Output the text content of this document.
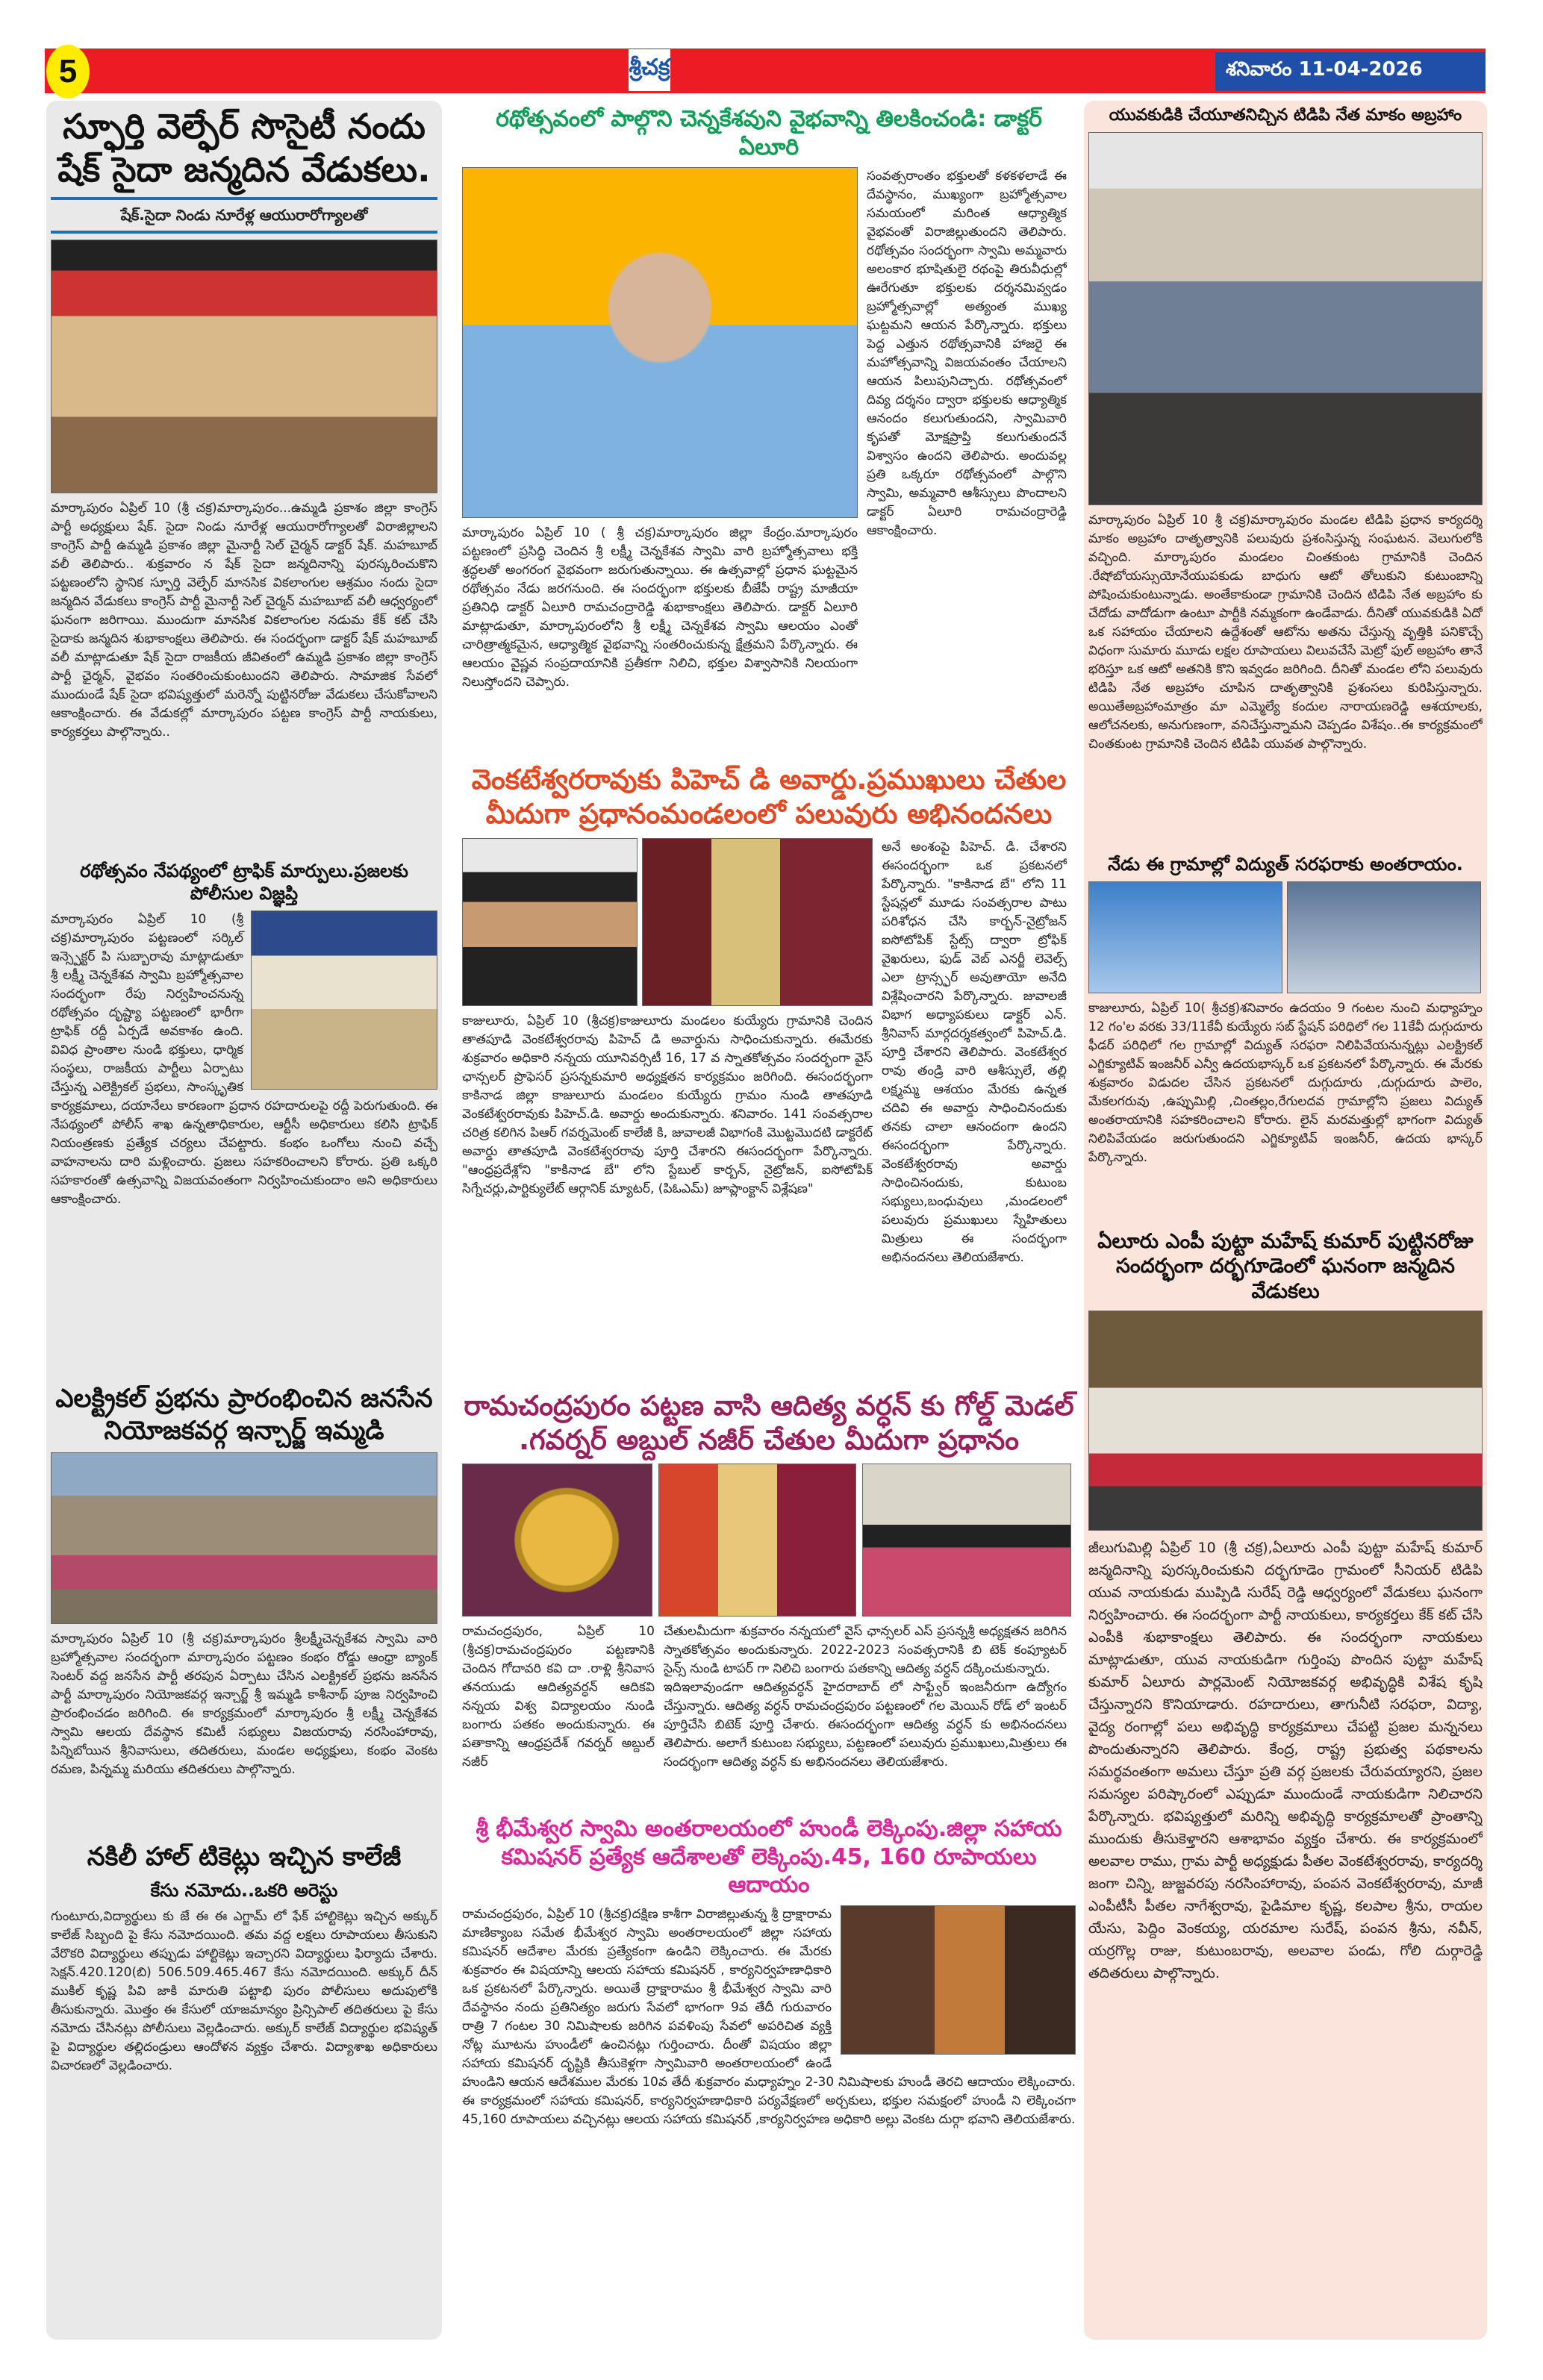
5	శ్రీచక్ర	శనివారం 11-04-2026
స్ఫూర్తి వెల్ఫేర్ సొసైటీ నందు షేక్ సైదా జన్మదిన వేడుకలు.
షేక్.సైదా నిండు నూరేళ్ల ఆయురారోగ్యాలతో
మార్కాపురం ఏప్రిల్ 10 (శ్రీ చక్ర)మార్కాపురం...ఉమ్మడి ప్రకాశం జిల్లా కాంగ్రెస్ పార్టీ అధ్యక్షులు షేక్. సైదా నిండు నూరేళ్ల ఆయురారోగ్యాలతో విరాజిల్లాలని కాంగ్రెస్ పార్టీ ఉమ్మడి ప్రకాశం జిల్లా మైనార్టీ సెల్ చైర్మన్ డాక్టర్ షేక్. మహబూబ్ వలీ తెలిపారు.. శుక్రవారం న షేక్ సైదా జన్మదినాన్ని పురస్కరించుకొని పట్టణంలోని స్థానిక స్ఫూర్తి వెల్ఫేర్ మానసిక వికలాంగుల ఆశ్రమం నందు సైదా జన్మదిన వేడుకలు కాంగ్రెస్ పార్టీ మైనార్టీ సెల్ చైర్మన్ మహబూబ్ వలీ ఆధ్వర్యంలో ఘనంగా జరిగాయి. ముందుగా మానసిక వికలాంగుల నడుమ కేక్ కట్ చేసి సైదాకు జన్మదిన శుభాకాంక్షలు తెలిపారు. ఈ సందర్భంగా డాక్టర్ షేక్ మహబూబ్ వలీ మాట్లాడుతూ షేక్ సైదా రాజకీయ జీవితంలో ఉమ్మడి ప్రకాశం జిల్లా కాంగ్రెస్ పార్టీ ఛైర్మన్, వైభవం సంతరించుకుంటుందని తెలిపారు. సామాజిక సేవలో ముందుండే షేక్ సైదా భవిష్యత్తులో మరెన్నో పుట్టినరోజు వేడుకలు చేసుకోవాలని ఆకాంక్షించారు. ఈ వేడుకల్లో మార్కాపురం పట్టణ కాంగ్రెస్ పార్టీ నాయకులు, కార్యకర్తలు పాల్గొన్నారు..
రథోత్సవం నేపథ్యంలో ట్రాఫిక్ మార్పులు.ప్రజలకు పోలీసుల విజ్ఞప్తి
మార్కాపురం ఏప్రిల్ 10 (శ్రీ చక్ర)మార్కాపురం పట్టణంలో సర్కిల్ ఇన్స్పెక్టర్ పి సుబ్బారావు మాట్లాడుతూ శ్రీ లక్ష్మీ చెన్నకేశవ స్వామి బ్రహ్మోత్సవాల సందర్భంగా రేపు నిర్వహించనున్న రథోత్సవం దృష్ట్యా పట్టణంలో భారీగా ట్రాఫిక్ రద్దీ ఏర్పడే అవకాశం ఉంది. వివిధ ప్రాంతాల నుండి భక్తులు, ధార్మిక సంస్థలు, రాజకీయ పార్టీలు ఏర్పాటు చేస్తున్న ఎలెక్ట్రికల్ ప్రభలు, సాంస్కృతిక కార్యక్రమాలు, దయానేలు కారణంగా ప్రధాన రహదారులపై రద్దీ పెరుగుతుంది. ఈ నేపథ్యంలో పోలీస్ శాఖ ఉన్నతాధికారుల, ఆర్టీసీ అధికారులు కలిసి ట్రాఫిక్ నియంత్రణకు ప్రత్యేక చర్యలు చేపట్టారు. కంభం ఒంగోలు నుంచి వచ్చే వాహనాలను దారి మళ్లించారు. ప్రజలు సహకరించాలని కోరారు. ప్రతి ఒక్కరి సహకారంతో ఉత్సవాన్ని విజయవంతంగా నిర్వహించుకుందాం అని అధికారులు ఆకాంక్షించారు.
ఎలక్ట్రికల్ ప్రభను ప్రారంభించిన జనసేన నియోజకవర్గ ఇన్చార్జ్ ఇమ్మడి
మార్కాపురం ఏప్రిల్ 10 (శ్రీ చక్ర)మార్కాపురం శ్రీలక్ష్మీచెన్నకేశవ స్వామి వారి బ్రహ్మోత్సవాల సందర్భంగా మార్కాపురం పట్టణం కంభం రోడ్డు ఆంధ్రా బ్యాంక్ సెంటర్ వద్ద జనసేన పార్టీ తరపున ఏర్పాటు చేసిన ఎలక్ట్రికల్ ప్రభను జనసేన పార్టీ మార్కాపురం నియోజకవర్గ ఇన్చార్జ్ శ్రీ ఇమ్మడి కాశీనాథ్ పూజ నిర్వహించి ప్రారంభించడం జరిగింది. ఈ కార్యక్రమంలో మార్కాపురం శ్రీ లక్ష్మీ చెన్నకేశవ స్వామి ఆలయ దేవస్థాన కమిటీ సభ్యులు విజయరావు నరసింహారావు, పిన్నిబోయిన శ్రీనివాసులు, తదితరులు, మండల అధ్యక్షులు, కంభం వెంకట రమణ, పిన్నమ్మ మరియు తదితరులు పాల్గొన్నారు.
నకిలీ హాల్ టికెట్లు ఇచ్చిన కాలేజీ
కేసు నమోదు..ఒకరి అరెస్టు
గుంటూరు,విద్యార్థులు కు జే ఈ ఈ ఎగ్జామ్ లో ఫేక్ హాల్టికెట్లు ఇచ్చిన అక్కుర్ కాలేజ్ సిబ్బంది పై కేసు నమోదయింది. తమ వద్ద లక్షలు రూపాయలు తీసుకుని వేరొకరి విద్యార్థులు తప్పుడు హాల్టికెట్లు ఇచ్చారని విద్యార్థులు ఫిర్యాదు చేశారు. సెక్షన్.420.120(బి) 506.509.465.467 కేసు నమోదయింది. అక్కుర్ దీన్ ముకిల్ కృష్ణ పివి జాకి మారుతి పట్టాభి పురం పోలీసులు అదుపులోకి తీసుకున్నారు. మొత్తం ఈ కేసులో యాజమాన్యం ప్రిన్సిపాల్ తదితరులు పై కేసు నమోదు చేసినట్లు పోలీసులు వెల్లడించారు. అక్కుర్ కాలేజ్ విద్యార్థుల భవిష్యత్ పై విద్యార్థుల తల్లిదండ్రులు ఆందోళన వ్యక్తం చేశారు. విద్యాశాఖ అధికారులు విచారణలో వెల్లడించారు.
రథోత్సవంలో పాల్గొని చెన్నకేశవుని వైభవాన్ని తిలకించండి: డాక్టర్ ఏలూరి
మార్కాపురం ఏప్రిల్ 10 ( శ్రీ చక్ర)మార్కాపురం జిల్లా కేంద్రం.మార్కాపురం పట్టణంలో ప్రసిద్ధి చెందిన శ్రీ లక్ష్మీ చెన్నకేశవ స్వామి వారి బ్రహ్మోత్సవాలు భక్తి శ్రద్ధలతో అంగరంగ వైభవంగా జరుగుతున్నాయి. ఈ ఉత్సవాల్లో ప్రధాన ఘట్టమైన రథోత్సవం నేడు జరగనుంది. ఈ సందర్భంగా భక్తులకు బీజేపీ రాష్ట్ర మాజీయా ప్రతినిధి డాక్టర్ ఏలూరి రామచంద్రారెడ్డి శుభాకాంక్షలు తెలిపారు. డాక్టర్ ఏలూరి మాట్లాడుతూ, మార్కాపురంలోని శ్రీ లక్ష్మీ చెన్నకేశవ స్వామి ఆలయం ఎంతో చారిత్రాత్మకమైన, ఆధ్యాత్మిక వైభవాన్ని సంతరించుకున్న క్షేత్రమని పేర్కొన్నారు. ఈ ఆలయం వైష్ణవ సంప్రదాయానికి ప్రతీకగా నిలిచి, భక్తుల విశ్వాసానికి నిలయంగా నిలుస్తోందని చెప్పారు.
సంవత్సరాంతం భక్తులతో కళకళలాడే ఈ దేవస్థానం, ముఖ్యంగా బ్రహ్మోత్సవాల సమయంలో మరింత ఆధ్యాత్మిక వైభవంతో విరాజిల్లుతుందని తెలిపారు. రథోత్సవం సందర్భంగా స్వామి అమ్మవారు అలంకార భూషితులై రథంపై తిరువీధుల్లో ఊరేగుతూ భక్తులకు దర్శనమివ్వడం బ్రహ్మోత్సవాల్లో అత్యంత ముఖ్య ఘట్టమని ఆయన పేర్కొన్నారు. భక్తులు పెద్ద ఎత్తున రథోత్సవానికి హాజరై ఈ మహోత్సవాన్ని విజయవంతం చేయాలని ఆయన పిలుపునిచ్చారు. రథోత్సవంలో దివ్య దర్శనం ద్వారా భక్తులకు ఆధ్యాత్మిక ఆనందం కలుగుతుందని, స్వామివారి కృపతో మోక్షప్రాప్తి కలుగుతుందనే విశ్వాసం ఉందని తెలిపారు. అందువల్ల ప్రతి ఒక్కరూ రథోత్సవంలో పాల్గొని స్వామి, అమ్మవారి ఆశీస్సులు పొందాలని డాక్టర్ ఏలూరి రామచంద్రారెడ్డి ఆకాంక్షించారు.
వెంకటేశ్వరరావుకు పిహెచ్ డి అవార్డు.ప్రముఖులు చేతుల మీదుగా ప్రధానంమండలంలో పలువురు అభినందనలు
కాజులూరు, ఏప్రిల్ 10 (శ్రీచక్ర)కాజులూరు మండలం కుయ్యేరు గ్రామానికి చెందిన తాతపూడి వెంకటేశ్వరరావు పిహెచ్ డి అవార్డును సాధించుకున్నారు. ఈమేరకు శుక్రవారం అధికారి నన్నయ యూనివర్సిటీ 16, 17 వ స్నాతకోత్సవం సందర్భంగా వైస్ ఛాన్సలర్ ప్రొఫెసర్ ప్రసన్నకుమారి అధ్యక్షతన కార్యక్రమం జరిగింది. ఈసందర్భంగా కాకినాడ జిల్లా కాజులూరు మండలం కుయ్యేరు గ్రామం నుండి తాతపూడి వెంకటేశ్వరరావుకు పిహెచ్.డి. అవార్డు అందుకున్నారు. శనివారం. 141 సంవత్సరాల చరిత్ర కలిగిన పిఆర్ గవర్నమెంట్ కాలేజీ కి, జువాలజీ విభాగంకి మొట్టమొదటి డాక్టరేట్ అవార్డు తాతపూడి వెంకటేశ్వరరావు పూర్తి చేశారని ఈసందర్భంగా పేర్కొన్నారు. "ఆంధ్రప్రదేశ్లోని "కాకినాడ బే" లోని స్టేబుల్ కార్బన్, నైట్రోజన్, ఐసోటోపిక్ సిగ్నేచర్లు,పార్టిక్యులేట్ ఆర్గానిక్ మ్యాటర్, (పిఓఎమ్) జూప్లాంక్టాన్ విశ్లేషణ"
అనే అంశంపై పిహెచ్. డి. చేశారని ఈసందర్భంగా ఒక ప్రకటనలో పేర్కొన్నారు. "కాకినాడ బే" లోని 11 స్టేషన్లలో మూడు సంవత్సరాల పాటు పరిశోధన చేసి కార్బన్-నైట్రోజన్ ఐసోటోపిక్ స్టేట్స్ ద్వారా ట్రోఫిక్ వైఖరులు, ఫుడ్ వెబ్ ఎనర్జీ లెవెల్స్ ఎలా ట్రాన్స్ఫర్ అవుతాయో అనేది విశ్లేషించారని పేర్కొన్నారు. జువాలజీ విభాగ అధ్యాపకులు డాక్టర్ ఎన్. శ్రీనివాస్ మార్గదర్శకత్వంలో పిహెచ్.డి. పూర్తి చేశారని తెలిపారు. వెంకటేశ్వర రావు తండ్రి వారి ఆశీస్సులే, తల్లి లక్ష్మమ్మ ఆశయం మేరకు ఉన్నత చదివి ఈ అవార్డు సాధించినందుకు తనకు చాలా ఆనందంగా ఉందని ఈసందర్భంగా పేర్కొన్నారు. వెంకటేశ్వరరావు అవార్డు సాధించినందుకు, కుటుంబ సభ్యులు,బంధువులు ,మండలంలో పలువురు ప్రముఖులు స్నేహితులు మిత్రులు ఈ సందర్భంగా అభినందనలు తెలియజేశారు.
రామచంద్రపురం పట్టణ వాసి ఆదిత్య వర్ధన్ కు గోల్డ్ మెడల్ .గవర్నర్ అబ్దుల్ నజీర్ చేతుల మీదుగా ప్రధానం
రామచంద్రపురం, ఏప్రిల్ 10 (శ్రీచక్ర)రామచంద్రపురం పట్టణానికి చెందిన గోదావరి కవి దా .రాళ్లి శ్రీనివాస తనయుడు ఆదిత్యవర్ధన్ ఆదికవి నన్నయ విశ్వ విద్యాలయం నుండి బంగారు పతకం అందుకున్నారు. ఈ పతాకాన్ని ఆంధ్రప్రదేశ్ గవర్నర్ అబ్దుల్ నజీర్
చేతులమీదుగా శుక్రవారం నన్నయలో వైస్ ఛాన్సలర్ ఎస్ ప్రసన్నశ్రీ అధ్యక్షతన జరిగిన స్నాతకోత్సవం అందుకున్నారు. 2022-2023 సంవత్సరానికి బి టెక్ కంప్యూటర్ సైన్స్ నుండి టాపర్ గా నిలిచి బంగారు పతకాన్ని ఆదిత్య వర్ధన్ దక్కించుకున్నారు.
ఇదిఇలావుండగా ఆదిత్యవర్ధన్ హైదరాబాద్ లో సాఫ్ట్వేర్ ఇంజనీరుగా ఉద్యోగం చేస్తున్నారు. ఆదిత్య వర్ధన్ రామచంద్రపురం పట్టణంలో గల మెయిన్ రోడ్ లో ఇంటర్ పూర్తిచేసి బిటెక్ పూర్తి చేశారు. ఈసందర్భంగా ఆదిత్య వర్ధన్ కు అభినందనలు తెలిపారు. అలాగే కుటుంబ సభ్యులు, పట్టణంలో పలువురు ప్రముఖులు,మిత్రులు ఈ సందర్భంగా ఆదిత్య వర్ధన్ కు అభినందనలు తెలియజేశారు.
శ్రీ భీమేశ్వర స్వామి అంతరాలయంలో హుండీ లెక్కింపు.జిల్లా సహాయ కమిషనర్ ప్రత్యేక ఆదేశాలతో లెక్కింపు.45, 160 రూపాయలు ఆదాయం
రామచంద్రపురం, ఏప్రిల్ 10 (శ్రీచక్ర)దక్షిణ కాశీగా విరాజిల్లుతున్న శ్రీ ద్రాక్షారామ మాణిక్యాంబ సమేత భీమేశ్వర స్వామి అంతరాలయంలో జిల్లా సహాయ కమిషనర్ ఆదేశాల మేరకు ప్రత్యేకంగా ఉండిని లెక్కించారు. ఈ మేరకు శుక్రవారం ఈ విషయాన్ని ఆలయ సహాయ కమిషనర్ , కార్యనిర్వహణాధికారి ఒక ప్రకటనలో పేర్కొన్నారు. అయితే ద్రాక్షారామం శ్రీ భీమేశ్వర స్వామి వారి దేవస్థానం నందు ప్రతినిత్యం జరుగు సేవలో భాగంగా 9వ తేదీ గురువారం రాత్రి 7 గంటల 30 నిమిషాలకు జరిగిన పవళింపు సేవలో అపరిచిత వ్యక్తి నోట్ల మూటను హుండీలో ఉంచినట్లు గుర్తించారు. దీంతో విషయం జిల్లా సహాయ కమిషనర్ దృష్టికి తీసుకెళ్లగా స్వామివారి అంతరాలయంలో ఉండే హుండిని ఆయన ఆదేశముల మేరకు 10వ తేదీ శుక్రవారం మధ్యాహ్నం 2-30 నిమిషాలకు హుండీ తెరచి ఆదాయం లెక్కించారు. ఈ కార్యక్రమంలో సహాయ కమిషనర్, కార్యనిర్వహణాధికారి పర్యవేక్షణలో అర్చకులు, భక్తుల సమక్షంలో హుండీ ని లెక్కించగా 45,160 రూపాయలు వచ్చినట్లు ఆలయ సహాయ కమిషనర్ ,కార్యనిర్వహణ అధికారి అల్లు వెంకట దుర్గా భవాని తెలియజేశారు.
యువకుడికి చేయూతనిచ్చిన టిడిపి నేత మాకం అబ్రహాం
మార్కాపురం ఏప్రిల్ 10 శ్రీ చక్ర)మార్కాపురం మండల టిడిపి ప్రధాన కార్యదర్శి మాకం అబ్రహాం దాతృత్వానికి పలువురు ప్రశంసిస్తున్న సంఘటన. వెలుగులోకి వచ్చింది. మార్కాపురం మండలం చింతకుంట గ్రామానికి చెందిన .రేషోబోయస్సుయోనేయుపకుడు బాధుగు ఆటో తోలుకుని కుటుంబాన్ని పోషించుకుంటున్నాడు. అంతేకాకుండా గ్రామానికి చెందిన టిడిపి నేత అబ్రహాం కు చేదోడు వాదోడుగా ఉంటూ పార్టీకి నమ్మకంగా ఉండేవాడు. దీనితో యువకుడికి ఏదో ఒక సహాయం చేయాలని ఉద్దేశంతో ఆటోను అతను చేస్తున్న వృత్తికి పనికొచ్చే విధంగా సుమారు మూడు లక్షల రూపాయలు విలువచేసే మెట్రో ఫుల్ అబ్రహాం తానే భరిస్తూ ఒక ఆటో అతనికి కొని ఇవ్వడం జరిగింది. దీనితో మండల లోని పలువురు టిడిపి నేత అబ్రహాం చూపిన దాతృత్వానికి ప్రశంసలు కురిపిస్తున్నారు. అయితేఅబ్రహాంమాత్రం మా ఎమ్మెల్యే కందుల నారాయణరెడ్డి ఆశయాలకు, ఆలోచనలకు, అనుగుణంగా, వనిచేస్తున్నామని చెప్పడం విశేషం..ఈ కార్యక్రమంలో చింతకుంట గ్రామానికి చెందిన టిడిపి యువత పాల్గొన్నారు.
నేడు ఈ గ్రామాల్లో విద్యుత్ సరఫరాకు అంతరాయం.
కాజులూరు, ఏప్రిల్ 10( శ్రీచక్ర)శనివారం ఉదయం 9 గంటల నుంచి మధ్యాహ్నం 12 గం'ల వరకు 33/11కేవీ కుయ్యేరు సబ్ స్టేషన్ పరిధిలో గల 11కేవీ దుగ్గుదూరు ఫీడర్ పరిధిలో గల గ్రామాల్లో విద్యుత్ సరఫరా నిలిపివేయనున్నట్లు ఎలక్ట్రికల్ ఎగ్జిక్యూటివ్ ఇంజనీర్ ఎన్వీ ఉదయభాస్కర్ ఒక ప్రకటనలో పేర్కొన్నారు. ఈ మేరకు శుక్రవారం విడుదల చేసిన ప్రకటనలో దుగ్గుదూరు ,దుగ్గుదూరు పాలెం, మేకలగరువు ,ఉప్పుమిల్లి ,చింతల్లం,రేగులదవ గ్రామాల్లోని ప్రజలు విద్యుత్ అంతరాయానికి సహకరించాలని కోరారు. లైన్ మరమత్తుల్లో భాగంగా విద్యుత్ నిలిపివేయడం జరుగుతుందని ఎగ్జిక్యూటివ్ ఇంజనీర్, ఉదయ భాస్కర్ పేర్కొన్నారు.
ఏలూరు ఎంపీ పుట్టా మహేష్ కుమార్ పుట్టినరోజు సందర్భంగా దర్భగూడెంలో ఘనంగా జన్మదిన వేడుకలు
జీలుగుమిల్లి ఏప్రిల్ 10 (శ్రీ చక్ర),ఏలూరు ఎంపీ పుట్టా మహేష్ కుమార్ జన్మదినాన్ని పురస్కరించుకుని దర్భగూడెం గ్రామంలో సీనియర్ టిడిపి యువ నాయకుడు ముప్పిడి సురేష్ రెడ్డి ఆధ్వర్యంలో వేడుకలు ఘనంగా నిర్వహించారు. ఈ సందర్భంగా పార్టీ నాయకులు, కార్యకర్తలు కేక్ కట్ చేసి ఎంపీకి శుభాకాంక్షలు తెలిపారు. ఈ సందర్భంగా నాయకులు మాట్లాడుతూ, యువ నాయకుడిగా గుర్తింపు పొందిన పుట్టా మహేష్ కుమార్ ఏలూరు పార్లమెంట్ నియోజకవర్గ అభివృద్ధికి విశేష కృషి చేస్తున్నారని కొనియాడారు. రహదారులు, తాగునీటి సరఫరా, విద్యా, వైద్య రంగాల్లో పలు అభివృద్ధి కార్యక్రమాలు చేపట్టి ప్రజల మన్ననలు పొందుతున్నారని తెలిపారు. కేంద్ర, రాష్ట్ర ప్రభుత్వ పథకాలను సమర్థవంతంగా అమలు చేస్తూ ప్రతి వర్గ ప్రజలకు చేరువయ్యారని, ప్రజల సమస్యల పరిష్కారంలో ఎప్పుడూ ముందుండే నాయకుడిగా నిలిచారని పేర్కొన్నారు. భవిష్యత్తులో మరిన్ని అభివృద్ధి కార్యక్రమాలతో ప్రాంతాన్ని ముందుకు తీసుకెళ్తారని ఆశాభావం వ్యక్తం చేశారు. ఈ కార్యక్రమంలో అలవాల రాము, గ్రామ పార్టీ అధ్యక్షుడు పీతల వెంకటేశ్వరరావు, కార్యదర్శి జంగా చిన్ని, జుజ్జవరపు నరసింహారావు, పంపన వెంకటేశ్వరరావు, మాజీ ఎంపీటీసీ పీతల నాగేశ్వరావు, పైడిమాల కృష్ణ, కలపాల శ్రీను, రాయల యేసు, పెద్దిం వెంకయ్య, యరమాల సురేష్, పంపన శ్రీను, నవీన్, యర్రగొల్ల రాజు, కుటుంబరావు, అలవాల పండు, గోలి దుర్గారెడ్డి తదితరులు పాల్గొన్నారు.
